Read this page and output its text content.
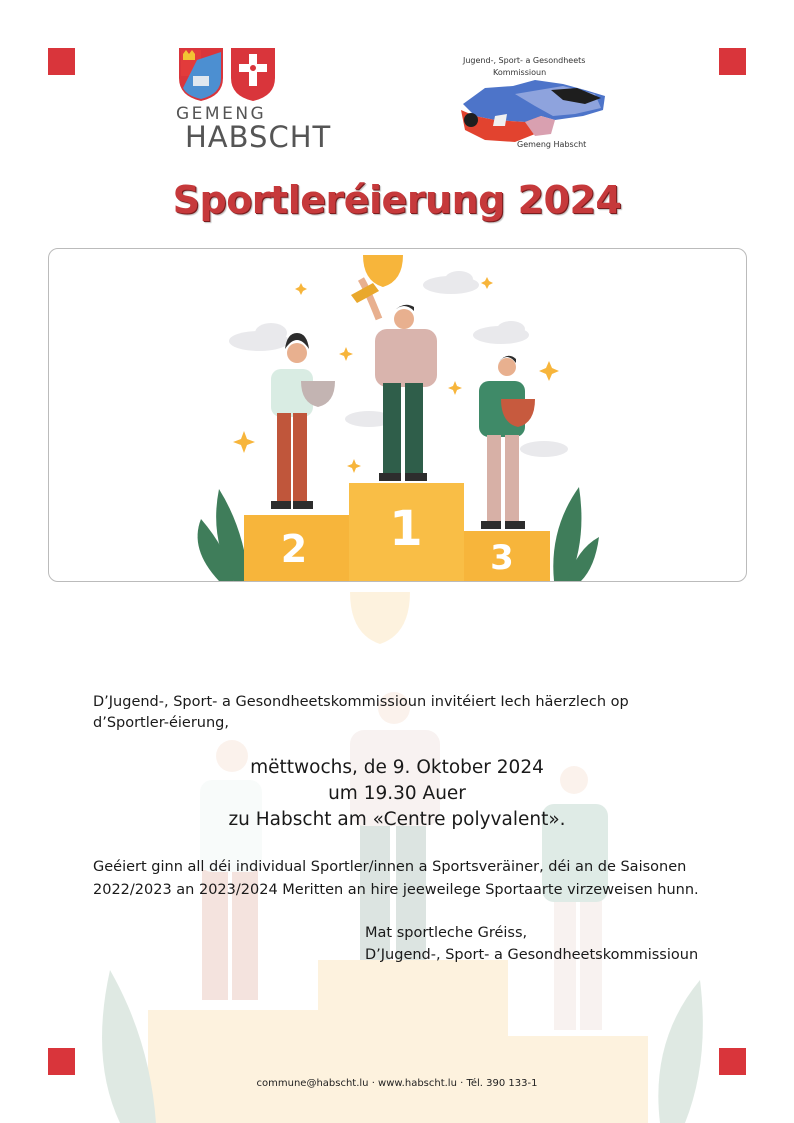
GEMENG
HABSCHT
Jugend-, Sport- a Gesondheets
Kommissioun
Gemeng Habscht
Sportleréierung 2024
2 1
3
D’Jugend-, Sport- a Gesondheetskommissioun invitéiert Iech häerzlech op d’Sportler-éierung,
mëttwochs, de 9. Oktober 2024
um 19.30 Auer
zu Habscht am «Centre polyvalent».
Geéiert ginn all déi individual Sportler/innen a Sportsveräiner, déi an de Saisonen 2022/2023 an 2023/2024 Meritten an hire jeeweilege Sportaarte virzeweisen hunn.
Mat sportleche Gréiss,
D’Jugend-, Sport- a Gesondheetskommissioun
commune@habscht.lu · www.habscht.lu · Tél. 390 133-1
